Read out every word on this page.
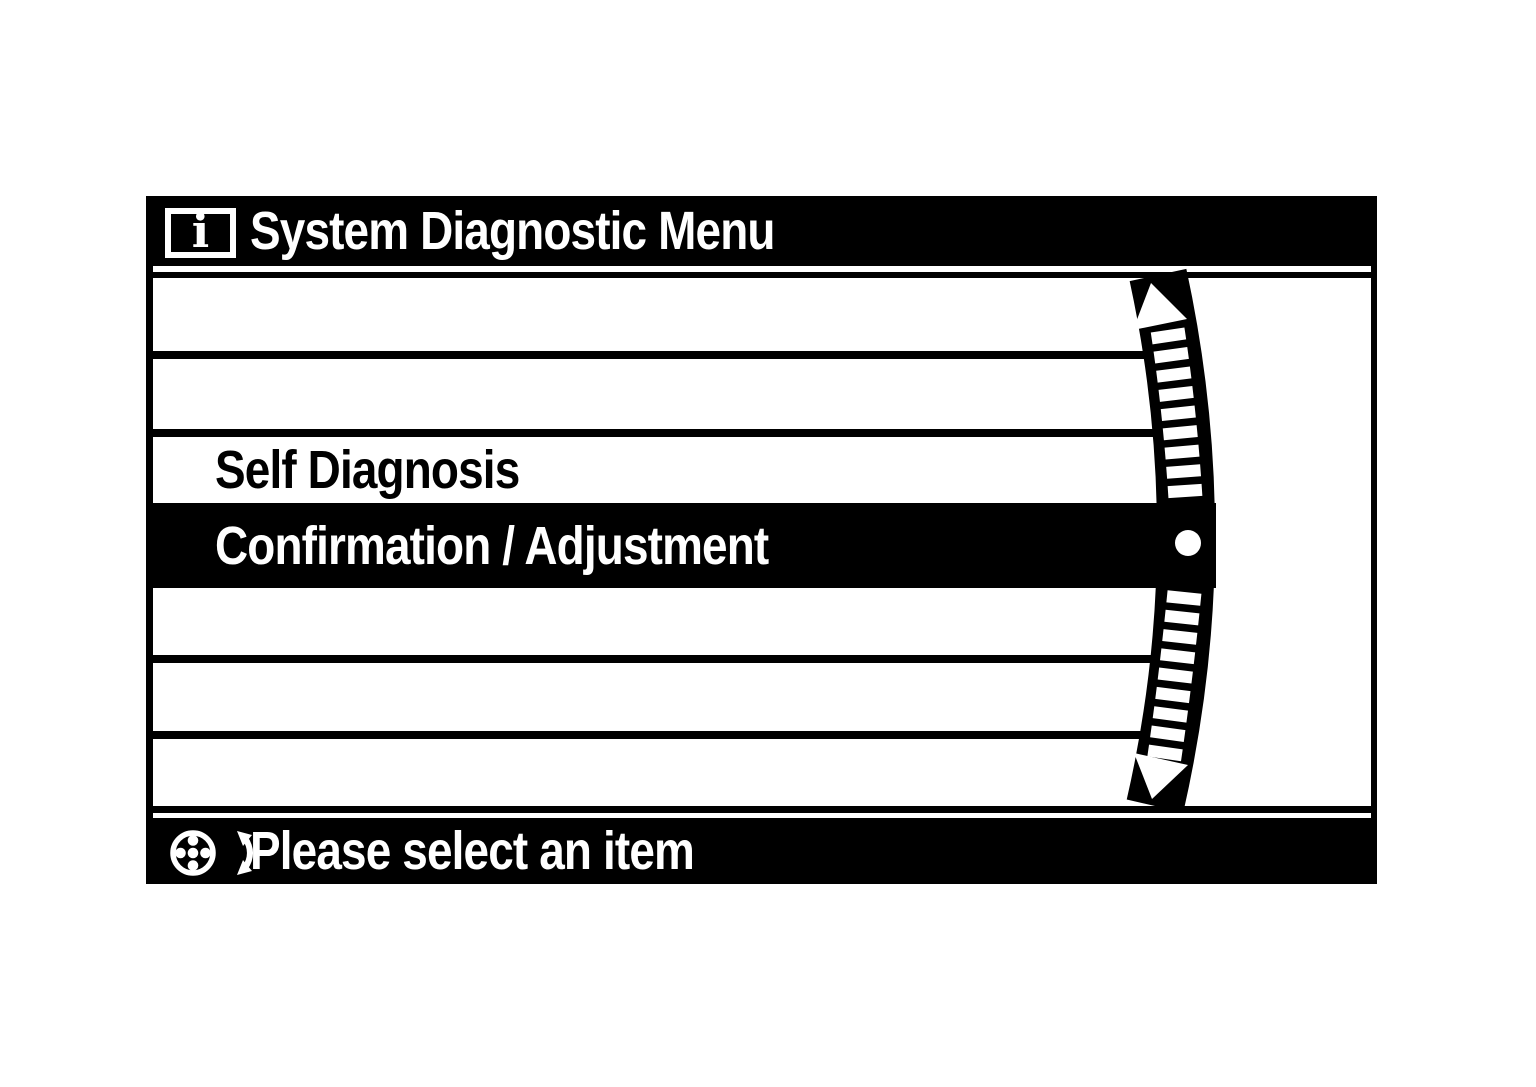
i System Diagnostic Menu
Self Diagnosis
Confirmation / Adjustment
Please select an item
